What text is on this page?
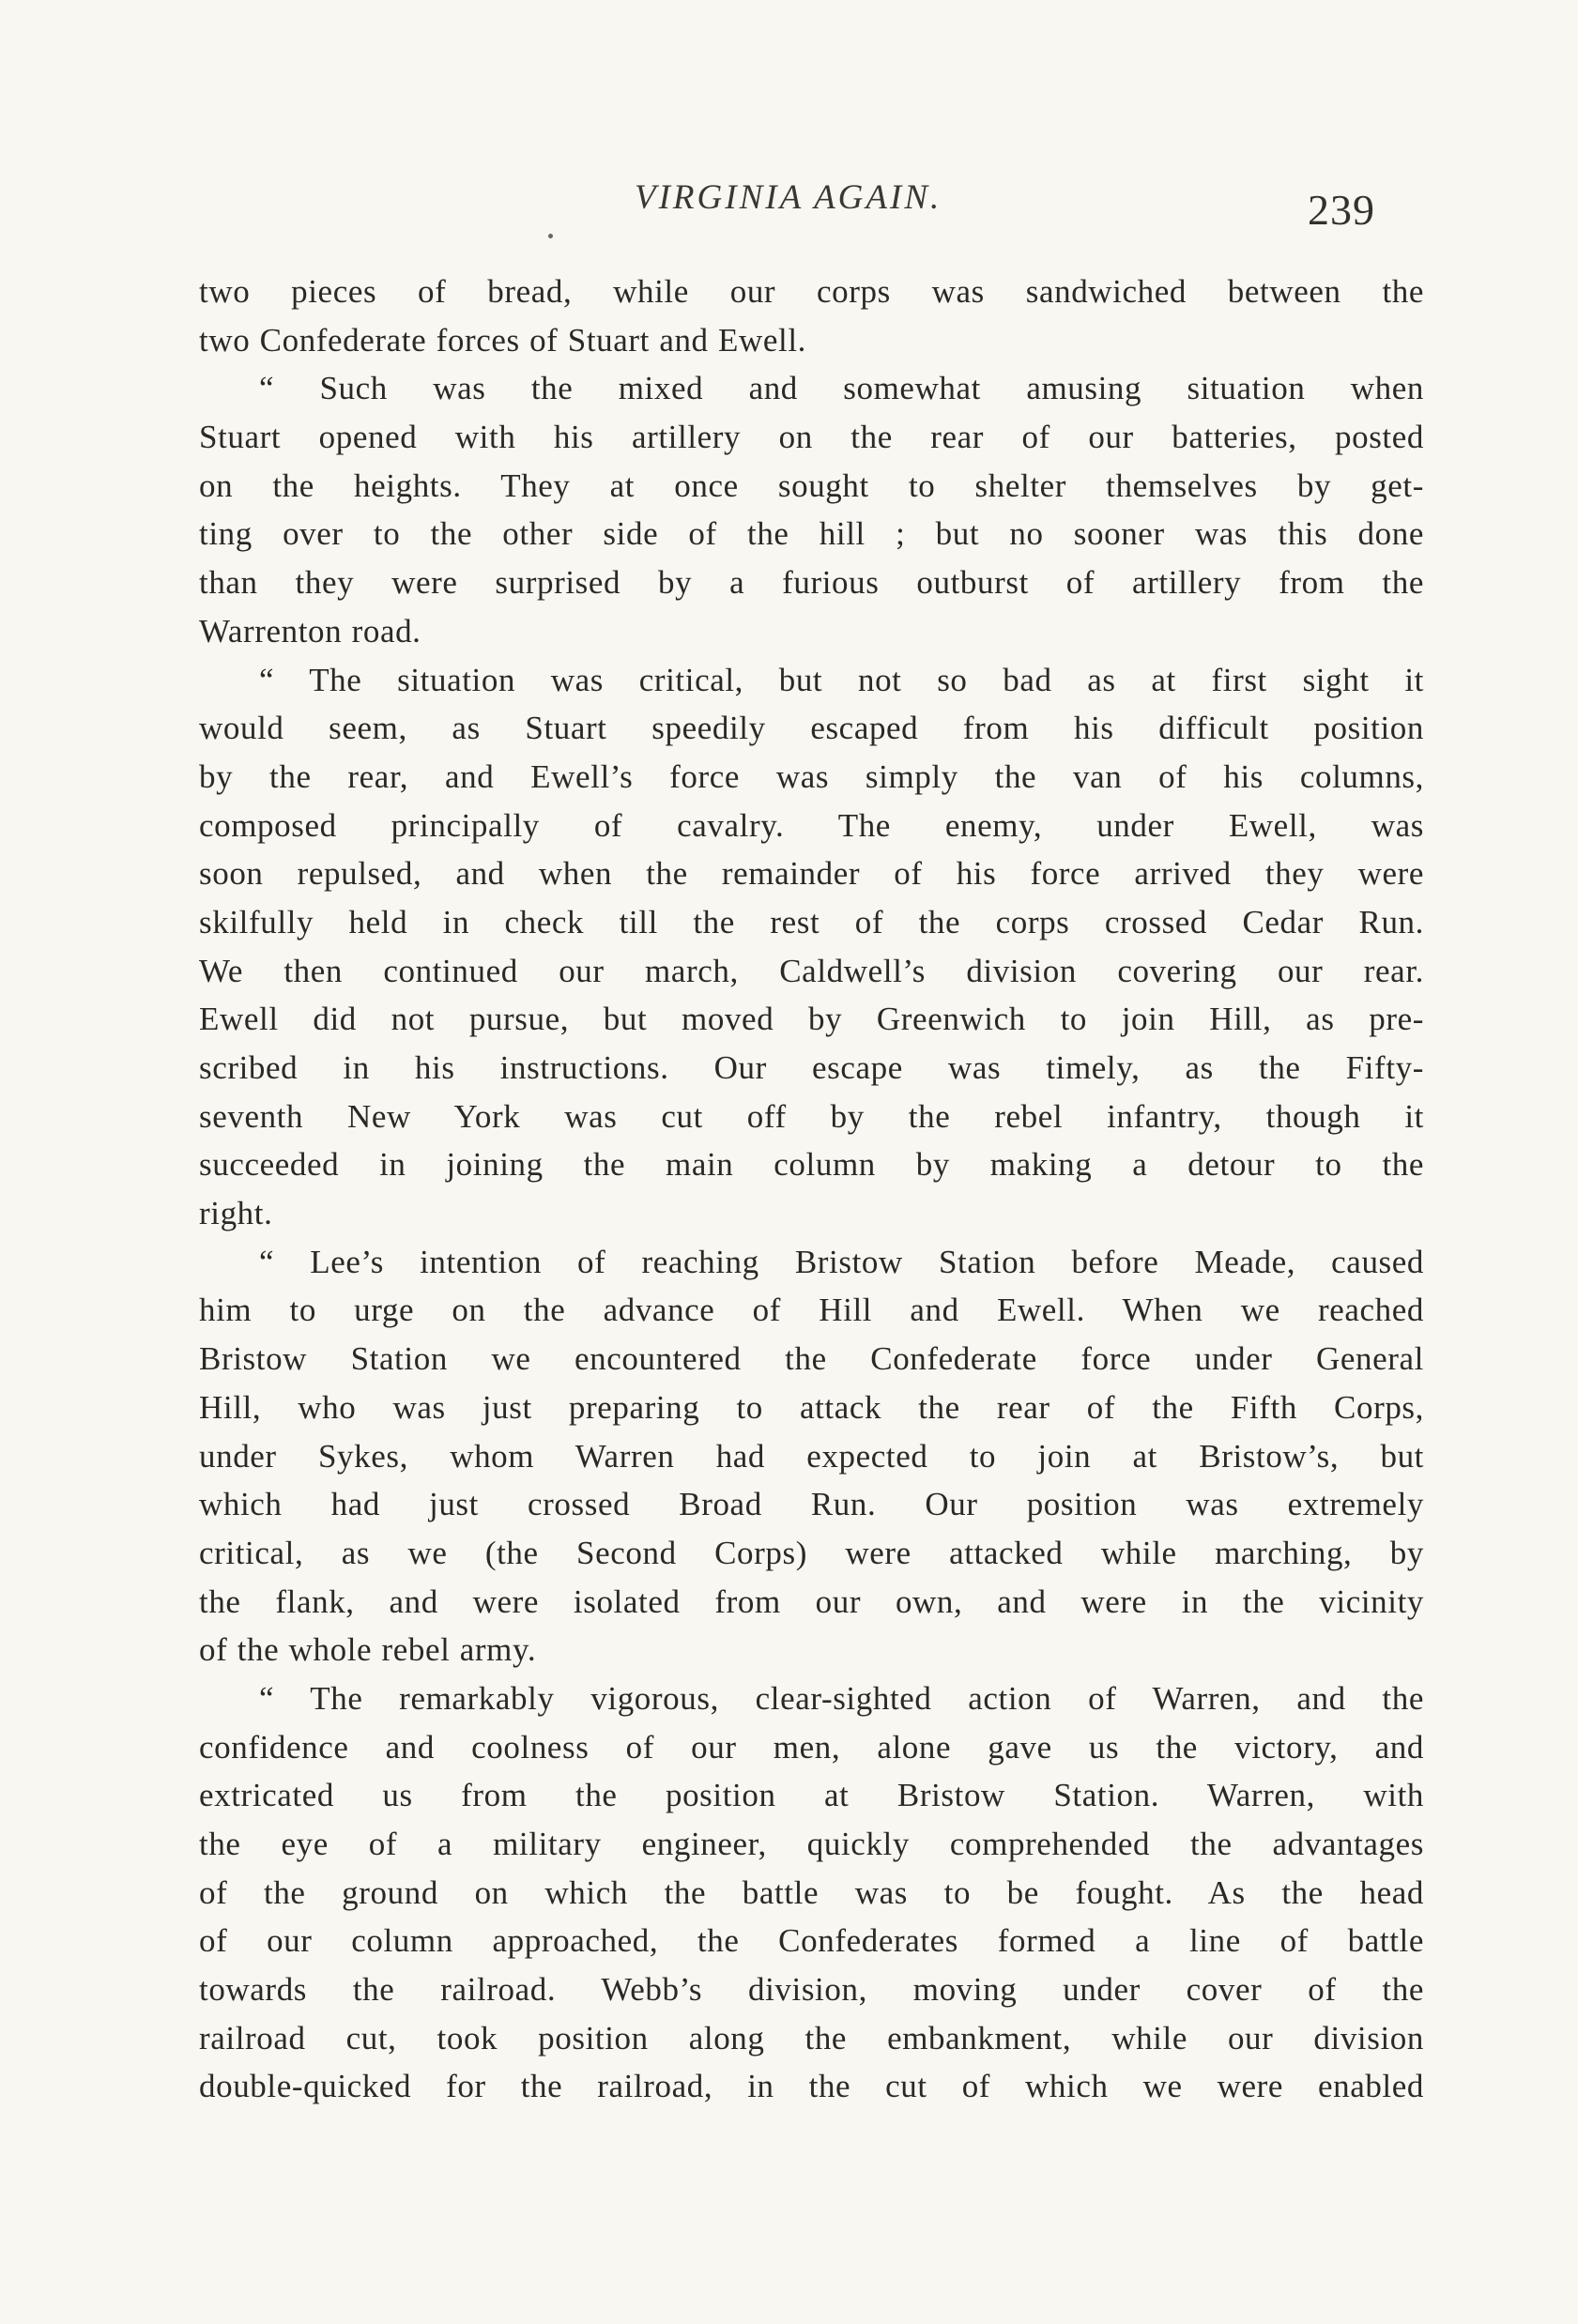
VIRGINIA AGAIN.	239
two pieces of bread, while our corps was sandwiched between the
two Confederate forces of Stuart and Ewell.
“ Such was the mixed and somewhat amusing situation when
Stuart opened with his artillery on the rear of our batteries, posted
on the heights. They at once sought to shelter themselves by get-
ting over to the other side of the hill ; but no sooner was this done
than they were surprised by a furious outburst of artillery from the
Warrenton road.
“ The situation was critical, but not so bad as at first sight it
would seem, as Stuart speedily escaped from his difficult position
by the rear, and Ewell’s force was simply the van of his columns,
composed principally of cavalry. The enemy, under Ewell, was
soon repulsed, and when the remainder of his force arrived they were
skilfully held in check till the rest of the corps crossed Cedar Run.
We then continued our march, Caldwell’s division covering our rear.
Ewell did not pursue, but moved by Greenwich to join Hill, as pre-
scribed in his instructions. Our escape was timely, as the Fifty-
seventh New York was cut off by the rebel infantry, though it
succeeded in joining the main column by making a detour to the
right.
“ Lee’s intention of reaching Bristow Station before Meade, caused
him to urge on the advance of Hill and Ewell. When we reached
Bristow Station we encountered the Confederate force under General
Hill, who was just preparing to attack the rear of the Fifth Corps,
under Sykes, whom Warren had expected to join at Bristow’s, but
which had just crossed Broad Run. Our position was extremely
critical, as we (the Second Corps) were attacked while marching, by
the flank, and were isolated from our own, and were in the vicinity
of the whole rebel army.
“ The remarkably vigorous, clear-sighted action of Warren, and the
confidence and coolness of our men, alone gave us the victory, and
extricated us from the position at Bristow Station. Warren, with
the eye of a military engineer, quickly comprehended the advantages
of the ground on which the battle was to be fought. As the head
of our column approached, the Confederates formed a line of battle
towards the railroad. Webb’s division, moving under cover of the
railroad cut, took position along the embankment, while our division
double-quicked for the railroad, in the cut of which we were enabled
